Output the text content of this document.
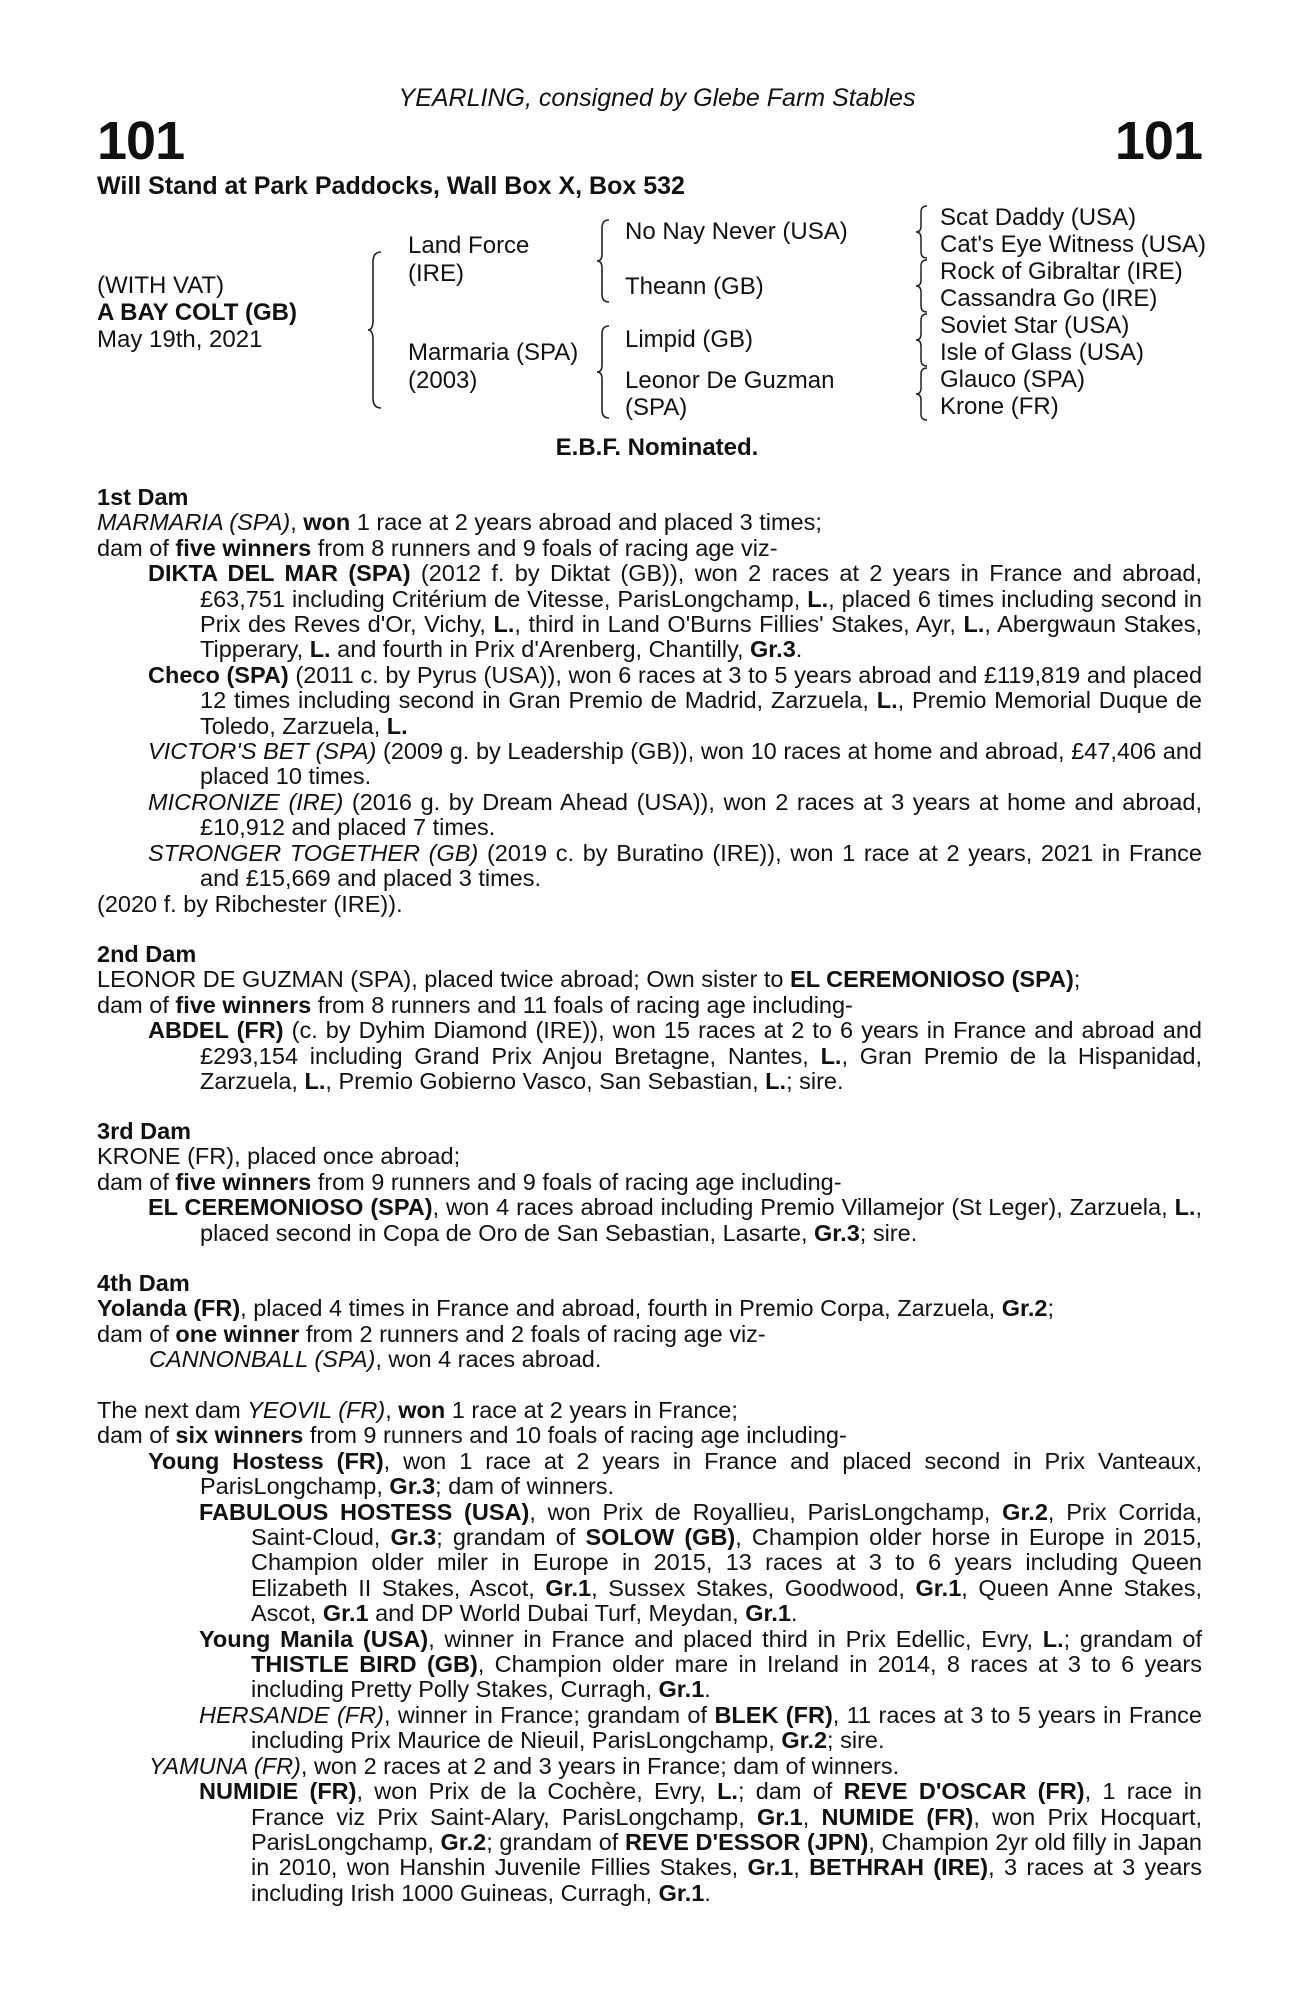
101	101
YEARLING, consigned by Glebe Farm Stables
Will Stand at Park Paddocks, Wall Box X, Box 532
(WITH VAT)
A BAY COLT (GB)
May 19th, 2021
Land Force
(IRE)
Marmaria (SPA)
(2003)
No Nay Never (USA)
Theann (GB)
Limpid (GB)
Leonor De Guzman
(SPA)
Scat Daddy (USA)
Cat's Eye Witness (USA)
Rock of Gibraltar (IRE)
Cassandra Go (IRE)
Soviet Star (USA)
Isle of Glass (USA)
Glauco (SPA)
Krone (FR)
E.B.F. Nominated.

1st Dam

MARMARIA (SPA), won 1 race at 2 years abroad and placed 3 times;

dam of five winners from 8 runners and 9 foals of racing age viz-

DIKTA DEL MAR (SPA) (2012 f. by Diktat (GB)), won 2 races at 2 years in France and abroad, £63,751 including Critérium de Vitesse, ParisLongchamp, L., placed 6 times including second in Prix des Reves d'Or, Vichy, L., third in Land O'Burns Fillies' Stakes, Ayr, L., Abergwaun Stakes, Tipperary, L. and fourth in Prix d'Arenberg, Chantilly, Gr.3.

Checo (SPA) (2011 c. by Pyrus (USA)), won 6 races at 3 to 5 years abroad and £119,819 and placed 12 times including second in Gran Premio de Madrid, Zarzuela, L., Premio Memorial Duque de Toledo, Zarzuela, L.

VICTOR'S BET (SPA) (2009 g. by Leadership (GB)), won 10 races at home and abroad, £47,406 and placed 10 times.

MICRONIZE (IRE) (2016 g. by Dream Ahead (USA)), won 2 races at 3 years at home and abroad, £10,912 and placed 7 times.

STRONGER TOGETHER (GB) (2019 c. by Buratino (IRE)), won 1 race at 2 years, 2021 in France and £15,669 and placed 3 times.

(2020 f. by Ribchester (IRE)).

2nd Dam

LEONOR DE GUZMAN (SPA), placed twice abroad; Own sister to EL CEREMONIOSO (SPA);

dam of five winners from 8 runners and 11 foals of racing age including-

ABDEL (FR) (c. by Dyhim Diamond (IRE)), won 15 races at 2 to 6 years in France and abroad and £293,154 including Grand Prix Anjou Bretagne, Nantes, L., Gran Premio de la Hispanidad, Zarzuela, L., Premio Gobierno Vasco, San Sebastian, L.; sire.

3rd Dam

KRONE (FR), placed once abroad;

dam of five winners from 9 runners and 9 foals of racing age including-

EL CEREMONIOSO (SPA), won 4 races abroad including Premio Villamejor (St Leger), Zarzuela, L., placed second in Copa de Oro de San Sebastian, Lasarte, Gr.3; sire.

4th Dam

Yolanda (FR), placed 4 times in France and abroad, fourth in Premio Corpa, Zarzuela, Gr.2;

dam of one winner from 2 runners and 2 foals of racing age viz-

CANNONBALL (SPA), won 4 races abroad.

The next dam YEOVIL (FR), won 1 race at 2 years in France;

dam of six winners from 9 runners and 10 foals of racing age including-

Young Hostess (FR), won 1 race at 2 years in France and placed second in Prix Vanteaux, ParisLongchamp, Gr.3; dam of winners.

FABULOUS HOSTESS (USA), won Prix de Royallieu, ParisLongchamp, Gr.2, Prix Corrida, Saint-Cloud, Gr.3; grandam of SOLOW (GB), Champion older horse in Europe in 2015, Champion older miler in Europe in 2015, 13 races at 3 to 6 years including Queen Elizabeth II Stakes, Ascot, Gr.1, Sussex Stakes, Goodwood, Gr.1, Queen Anne Stakes, Ascot, Gr.1 and DP World Dubai Turf, Meydan, Gr.1.

Young Manila (USA), winner in France and placed third in Prix Edellic, Evry, L.; grandam of THISTLE BIRD (GB), Champion older mare in Ireland in 2014, 8 races at 3 to 6 years including Pretty Polly Stakes, Curragh, Gr.1.

HERSANDE (FR), winner in France; grandam of BLEK (FR), 11 races at 3 to 5 years in France including Prix Maurice de Nieuil, ParisLongchamp, Gr.2; sire.

YAMUNA (FR), won 2 races at 2 and 3 years in France; dam of winners.

NUMIDIE (FR), won Prix de la Cochère, Evry, L.; dam of REVE D'OSCAR (FR), 1 race in France viz Prix Saint-Alary, ParisLongchamp, Gr.1, NUMIDE (FR), won Prix Hocquart, ParisLongchamp, Gr.2; grandam of REVE D'ESSOR (JPN), Champion 2yr old filly in Japan in 2010, won Hanshin Juvenile Fillies Stakes, Gr.1, BETHRAH (IRE), 3 races at 3 years including Irish 1000 Guineas, Curragh, Gr.1.
